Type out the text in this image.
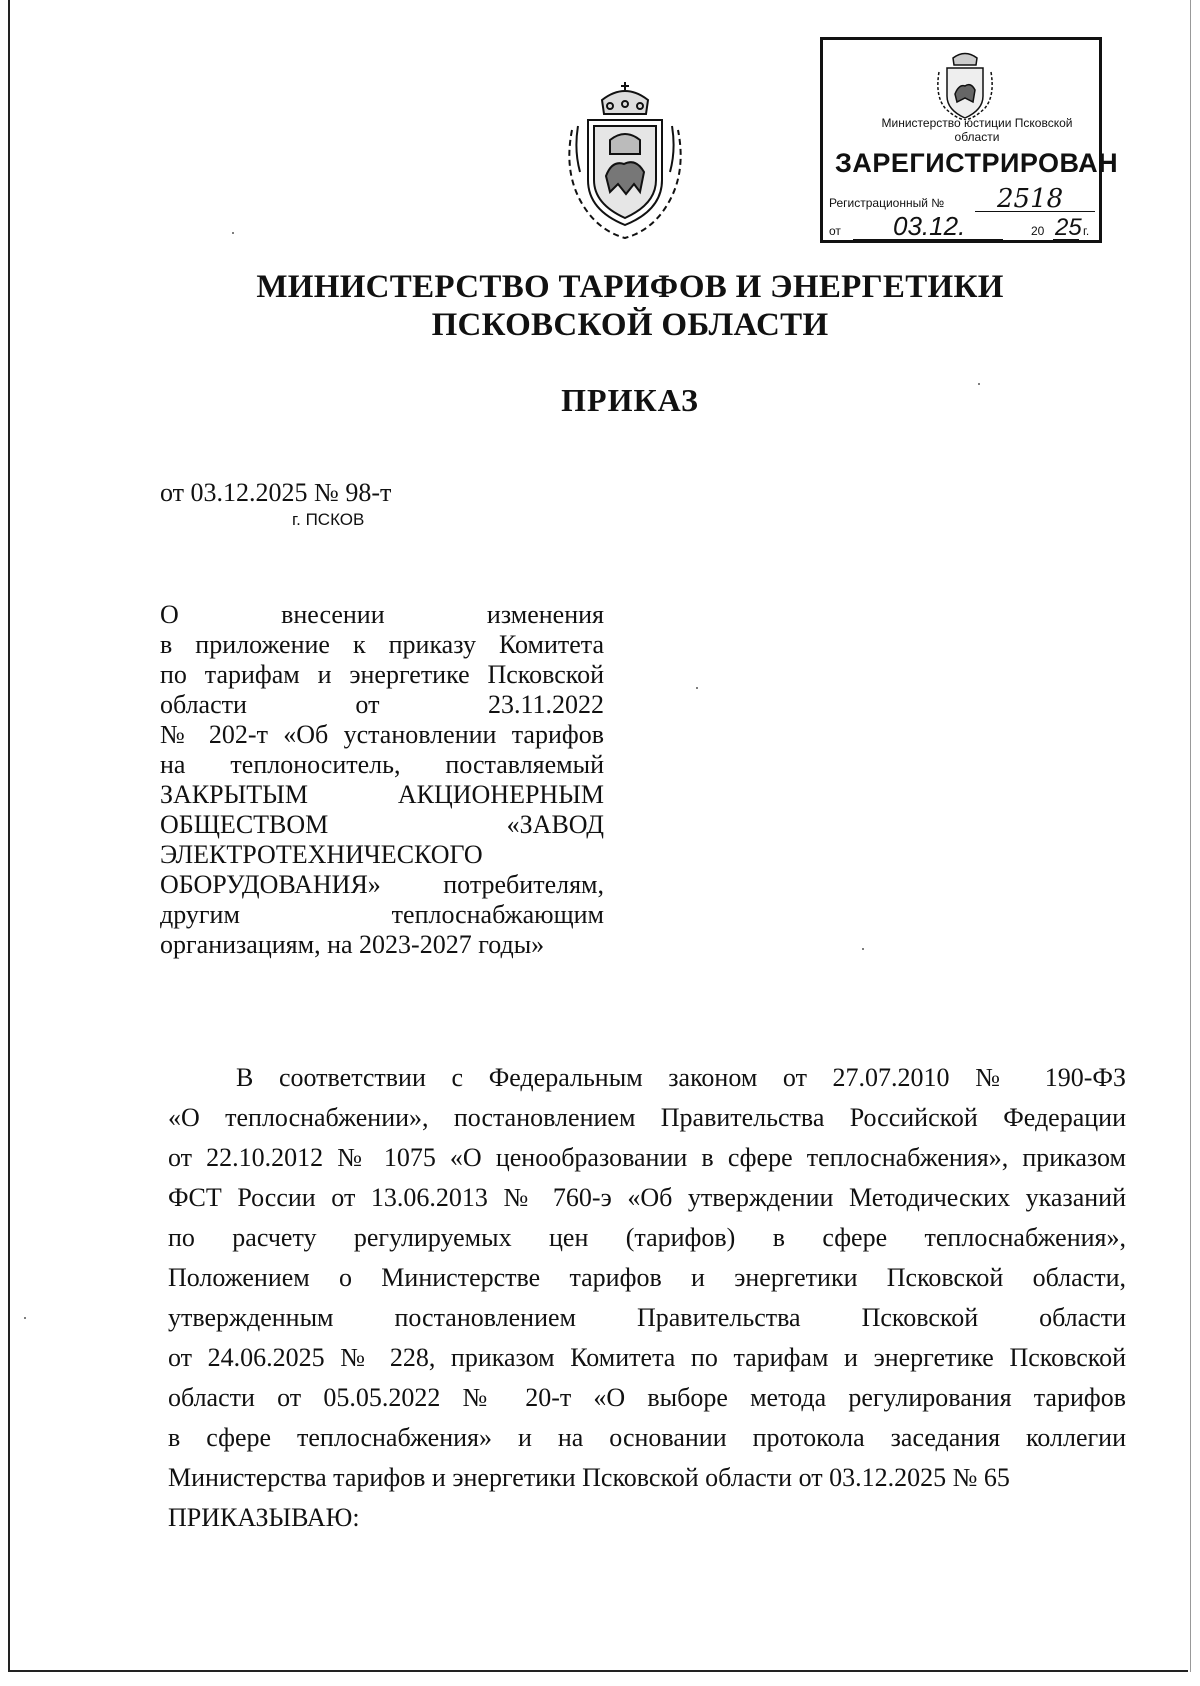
Министерство юстиции Псковской области
ЗАРЕГИСТРИРОВАН
Регистрационный № 2518
от 03.12.	20 25 г.
МИНИСТЕРСТВО ТАРИФОВ И ЭНЕРГЕТИКИ
ПСКОВСКОЙ ОБЛАСТИ
ПРИКАЗ
от 03.12.2025 № 98-т
г. ПСКОВ

О внесении изменения

в приложение к приказу Комитета

по тарифам и энергетике Псковской

области от 23.11.2022

№ 202-т «Об установлении тарифов

на теплоноситель, поставляемый

ЗАКРЫТЫМ АКЦИОНЕРНЫМ

ОБЩЕСТВОМ «ЗАВОД

ЭЛЕКТРОТЕХНИЧЕСКОГО

ОБОРУДОВАНИЯ» потребителям,

другим теплоснабжающим

организациям, на 2023-2027 годы»

В соответствии с Федеральным законом от 27.07.2010 № 190-ФЗ
«О теплоснабжении», постановлением Правительства Российской Федерации
от 22.10.2012 № 1075 «О ценообразовании в сфере теплоснабжения», приказом
ФСТ России от 13.06.2013 № 760-э «Об утверждении Методических указаний
по расчету регулируемых цен (тарифов) в сфере теплоснабжения»,
Положением о Министерстве тарифов и энергетики Псковской области,
утвержденным постановлением Правительства Псковской области
от 24.06.2025 № 228, приказом Комитета по тарифам и энергетике Псковской
области от 05.05.2022 № 20-т «О выборе метода регулирования тарифов
в сфере теплоснабжения» и на основании протокола заседания коллегии
Министерства тарифов и энергетики Псковской области от 03.12.2025 № 65
ПРИКАЗЫВАЮ:
